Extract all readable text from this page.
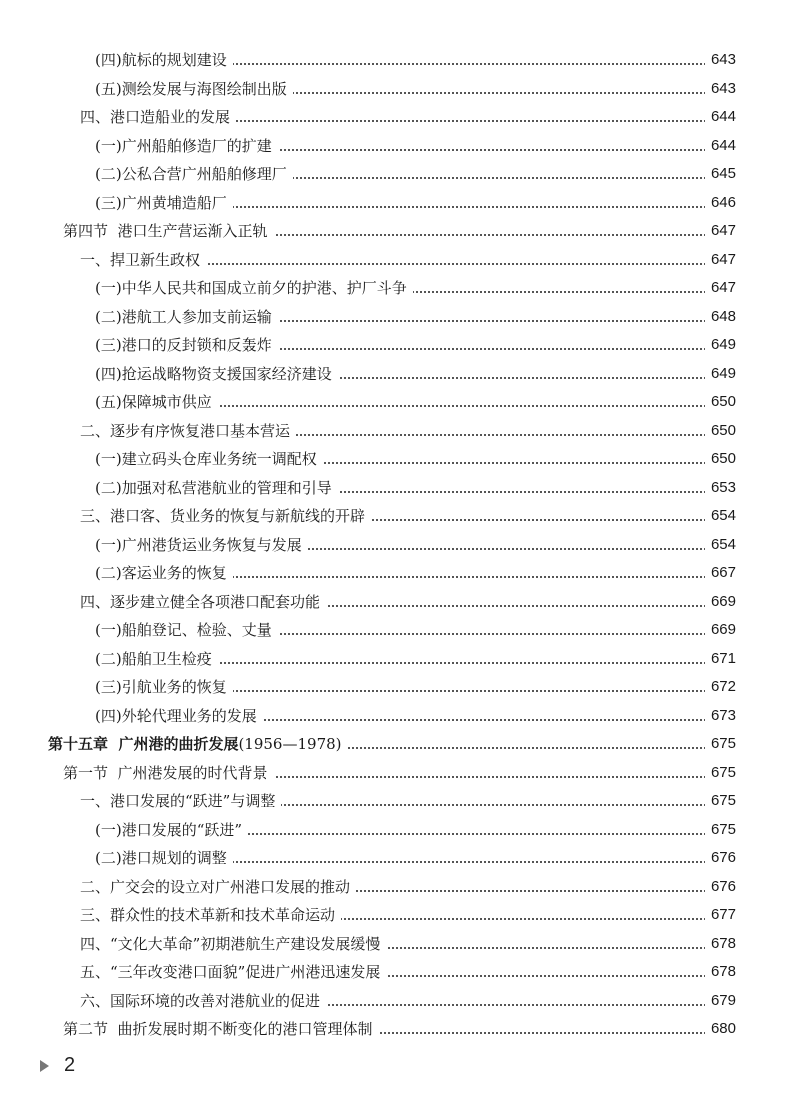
(四)航标的规划建设	643
(五)测绘发展与海图绘制出版	643
四、港口造船业的发展	644
(一)广州船舶修造厂的扩建	644
(二)公私合营广州船舶修理厂	645
(三)广州黄埔造船厂	646
第四节  港口生产营运渐入正轨	647
一、捍卫新生政权	647
(一)中华人民共和国成立前夕的护港、护厂斗争	647
(二)港航工人参加支前运输	648
(三)港口的反封锁和反轰炸	649
(四)抢运战略物资支援国家经济建设	649
(五)保障城市供应	650
二、逐步有序恢复港口基本营运	650
(一)建立码头仓库业务统一调配权	650
(二)加强对私营港航业的管理和引导	653
三、港口客、货业务的恢复与新航线的开辟	654
(一)广州港货运业务恢复与发展	654
(二)客运业务的恢复	667
四、逐步建立健全各项港口配套功能	669
(一)船舶登记、检验、丈量	669
(二)船舶卫生检疫	671
(三)引航业务的恢复	672
(四)外轮代理业务的发展	673
第十五章  广州港的曲折发展(1956—1978)	675
第一节  广州港发展的时代背景	675
一、港口发展的“跃进”与调整	675
(一)港口发展的“跃进”	675
(二)港口规划的调整	676
二、广交会的设立对广州港口发展的推动	676
三、群众性的技术革新和技术革命运动	677
四、“文化大革命”初期港航生产建设发展缓慢	678
五、“三年改变港口面貌”促进广州港迅速发展	678
六、国际环境的改善对港航业的促进	679
第二节  曲折发展时期不断变化的港口管理体制	680
2
